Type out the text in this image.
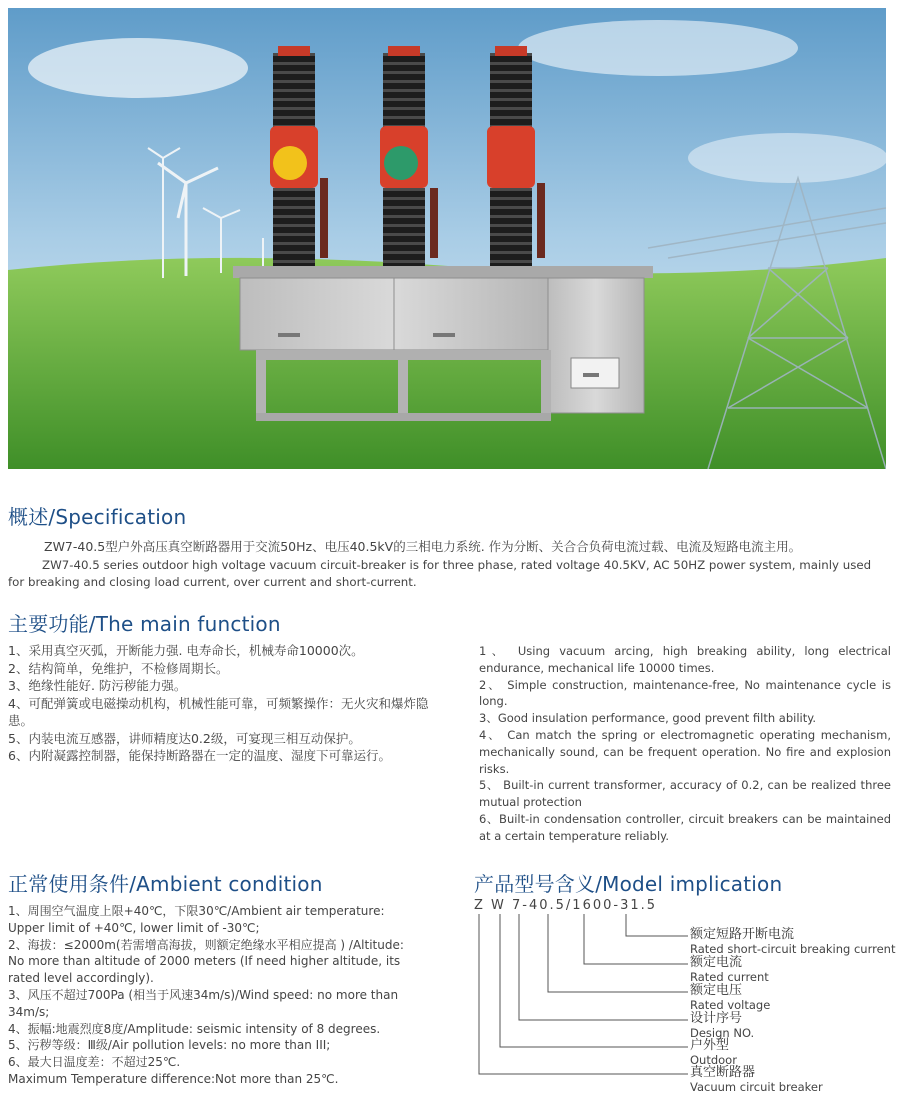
概述/Specification

ZW7-40.5型户外高压真空断路器用于交流50Hz、电压40.5kV的三相电力系统. 作为分断、关合合负荷电流过载、电流及短路电流主用。

ZW7-40.5 series outdoor high voltage vacuum circuit-breaker is for three phase, rated voltage 40.5KV, AC 50HZ power system, mainly used for breaking and closing load current, over current and short-current.

主要功能/The main function
1、采用真空灭弧，开断能力强. 电寿命长，机械寿命10000次。
2、结构简单，免维护，不检修周期长。
3、绝缘性能好. 防污秽能力强。
4、可配弹簧或电磁操动机构，机械性能可靠，可频繁操作：无火灾和爆炸隐患。
5、内装电流互感器，讲师精度达0.2级，可宴现三相互动保护。
6、内附凝露控制器，能保持断路器在一定的温度、湿度下可靠运行。
1、 Using vacuum arcing, high breaking ability, long electrical endurance, mechanical life 10000 times.
2、 Simple construction, maintenance-free, No maintenance cycle is long.
3、Good insulation performance, good prevent filth ability.
4、 Can match the spring or electromagnetic operating mechanism, mechanically sound, can be frequent operation. No fire and explosion risks.
5、 Built-in current transformer, accuracy of 0.2, can be realized three mutual protection
6、Built-in condensation controller, circuit breakers can be maintained at a certain temperature reliably.
正常使用条件/Ambient condition
1、周围空气温度上限+40℃，下限30℃/Ambient air temperature: Upper limit of +40℃, lower limit of -30℃;
2、海拔：≤2000m(若需增高海拔，则额定绝缘水平相应提高 ) /Altitude: No more than altitude of 2000 meters (If need higher altitude, its rated level accordingly).
3、风压不超过700Pa (相当于风速34m/s)/Wind speed: no more than 34m/s;
4、振幅:地震烈度8度/Amplitude: seismic intensity of 8 degrees.
5、污秽等级：Ⅲ级/Air pollution levels: no more than III;
6、最大日温度差：不超过25℃.
Maximum Temperature difference:Not more than 25℃.
产品型号含义/Model implication
Z W 7-40.5/1600-31.5
额定短路开断电流
Rated short-circuit breaking current
额定电流
Rated current
额定电压
Rated voltage
设计序号
Design NO.
户外型
Outdoor
真空断路器
Vacuum circuit breaker
